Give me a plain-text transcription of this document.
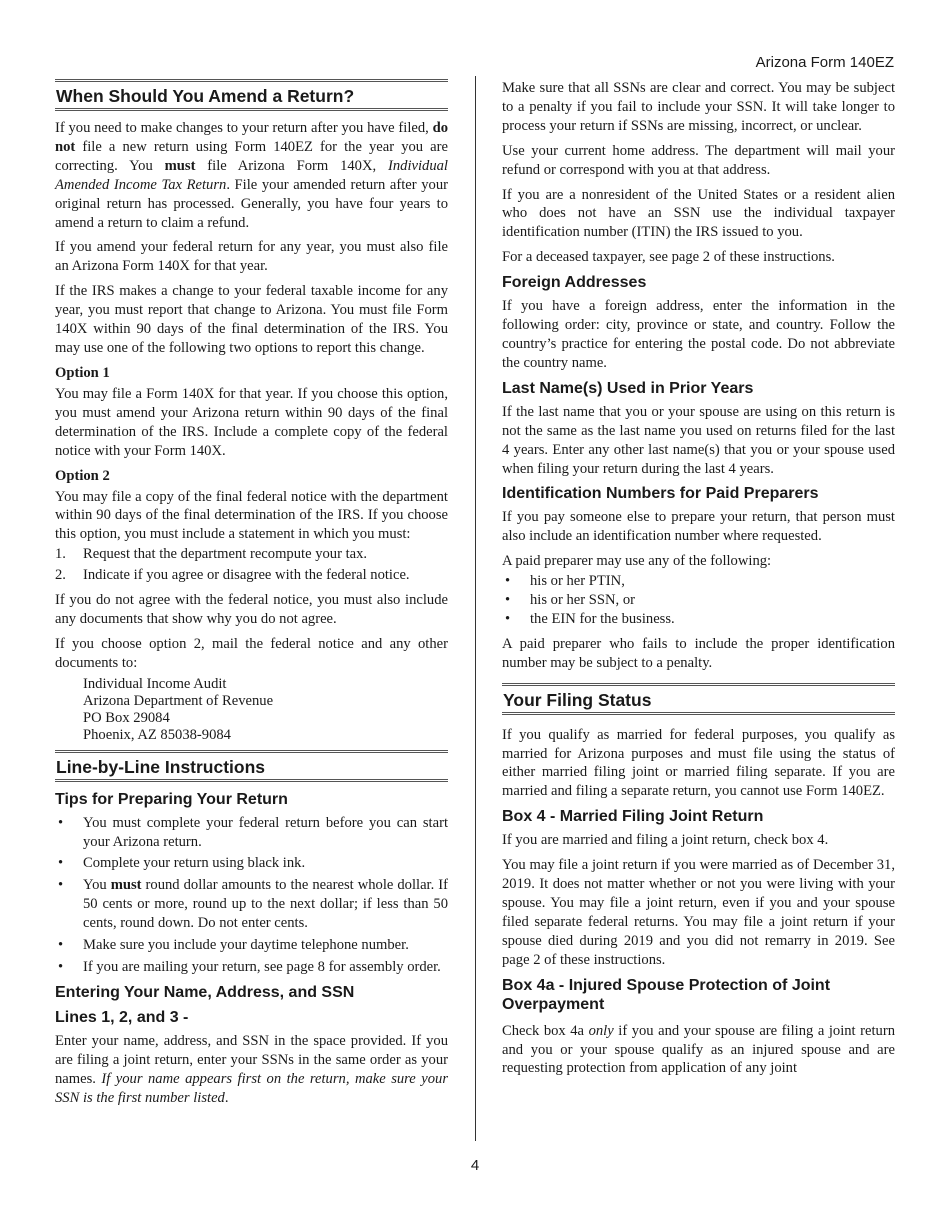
Arizona Form 140EZ
When Should You Amend a Return?

If you need to make changes to your return after you have filed, do not file a new return using Form 140EZ for the year you are correcting. You must file Arizona Form 140X, Individual Amended Income Tax Return. File your amended return after your original return has processed. Generally, you have four years to amend a return to claim a refund.

If you amend your federal return for any year, you must also file an Arizona Form 140X for that year.

If the IRS makes a change to your federal taxable income for any year, you must report that change to Arizona. You must file Form 140X within 90 days of the final determination of the IRS. You may use one of the following two options to report this change.

Option 1

You may file a Form 140X for that year. If you choose this option, you must amend your Arizona return within 90 days of the final determination of the IRS. Include a complete copy of the federal notice with your Form 140X.

Option 2

You may file a copy of the final federal notice with the department within 90 days of the final determination of the IRS. If you choose this option, you must include a statement in which you must:

1. Request that the department recompute your tax.
2. Indicate if you agree or disagree with the federal notice.

If you do not agree with the federal notice, you must also include any documents that show why you do not agree.

If you choose option 2, mail the federal notice and any other documents to:

Individual Income Audit
Arizona Department of Revenue
PO Box 29084
Phoenix, AZ 85038-9084
Line-by-Line Instructions
Tips for Preparing Your Return
• You must complete your federal return before you can start your Arizona return.
• Complete your return using black ink.
• You must round dollar amounts to the nearest whole dollar. If 50 cents or more, round up to the next dollar; if less than 50 cents, round down. Do not enter cents.
• Make sure you include your daytime telephone number.
• If you are mailing your return, see page 8 for assembly order.
Entering Your Name, Address, and SSN
Lines 1, 2, and 3 -

Enter your name, address, and SSN in the space provided. If you are filing a joint return, enter your SSNs in the same order as your names. If your name appears first on the return, make sure your SSN is the first number listed.

Make sure that all SSNs are clear and correct. You may be subject to a penalty if you fail to include your SSN. It will take longer to process your return if SSNs are missing, incorrect, or unclear.

Use your current home address. The department will mail your refund or correspond with you at that address.

If you are a nonresident of the United States or a resident alien who does not have an SSN use the individual taxpayer identification number (ITIN) the IRS issued to you.

For a deceased taxpayer, see page 2 of these instructions.

Foreign Addresses

If you have a foreign address, enter the information in the following order: city, province or state, and country. Follow the country’s practice for entering the postal code. Do not abbreviate the country name.

Last Name(s) Used in Prior Years

If the last name that you or your spouse are using on this return is not the same as the last name you used on returns filed for the last 4 years. Enter any other last name(s) that you or your spouse used when filing your return during the last 4 years.

Identification Numbers for Paid Preparers

If you pay someone else to prepare your return, that person must also include an identification number where requested.

A paid preparer may use any of the following:

• his or her PTIN,
• his or her SSN, or
• the EIN for the business.

A paid preparer who fails to include the proper identification number may be subject to a penalty.

Your Filing Status

If you qualify as married for federal purposes, you qualify as married for Arizona purposes and must file using the status of either married filing joint or married filing separate. If you are married and filing a separate return, you cannot use Form 140EZ.

Box 4 - Married Filing Joint Return

If you are married and filing a joint return, check box 4.

You may file a joint return if you were married as of December 31, 2019. It does not matter whether or not you were living with your spouse. You may file a joint return, even if you and your spouse filed separate federal returns. You may file a joint return if your spouse died during 2019 and you did not remarry in 2019. See page 2 of these instructions.

Box 4a - Injured Spouse Protection of Joint Overpayment

Check box 4a only if you and your spouse are filing a joint return and you or your spouse qualify as an injured spouse and are requesting protection from application of any joint

4
